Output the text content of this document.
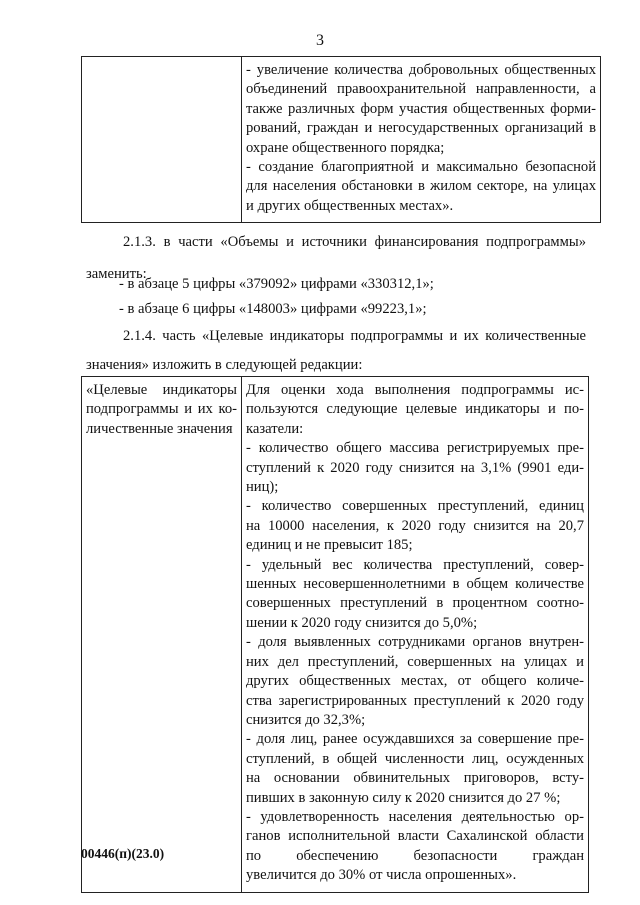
3

- увеличение количества добровольных общественных
объединений правоохранительной направленности, а
также различных форм участия общественных форми-
рований, граждан и негосударственных организаций в
охране общественного порядка;
- создание благоприятной и максимально безопасной
для населения обстановки в жилом секторе, на улицах
и других общественных местах».
2.1.3. в части «Объемы и источники финансирования подпрограммы»
заменить:
- в абзаце 5 цифры «379092» цифрами «330312,1»;
- в абзаце 6 цифры «148003» цифрами «99223,1»;
2.1.4. часть «Целевые индикаторы подпрограммы и их количественные
значения» изложить в следующей редакции:
«Целевые индикаторы
подпрограммы и их ко-
личественные значения

Для оценки хода выполнения подпрограммы ис-
пользуются следующие целевые индикаторы и по-
казатели:
- количество общего массива регистрируемых пре-
ступлений к 2020 году снизится на 3,1% (9901 еди-
ниц);
- количество совершенных преступлений, единиц
на 10000 населения, к 2020 году снизится на 20,7
единиц и не превысит 185;
- удельный вес количества преступлений, совер-
шенных несовершеннолетними в общем количестве
совершенных преступлений в процентном соотно-
шении к 2020 году снизится до 5,0%;
- доля выявленных сотрудниками органов внутрен-
них дел преступлений, совершенных на улицах и
других общественных местах, от общего количе-
ства зарегистрированных преступлений к 2020 году
снизится до 32,3%;
- доля лиц, ранее осуждавшихся за совершение пре-
ступлений, в общей численности лиц, осужденных
на основании обвинительных приговоров, всту-
пивших в законную силу к 2020 снизится до 27 %;
- удовлетворенность населения деятельностью ор-
ганов исполнительной власти Сахалинской области
по обеспечению безопасности граждан
увеличится до 30% от числа опрошенных».
00446(п)(23.0)
